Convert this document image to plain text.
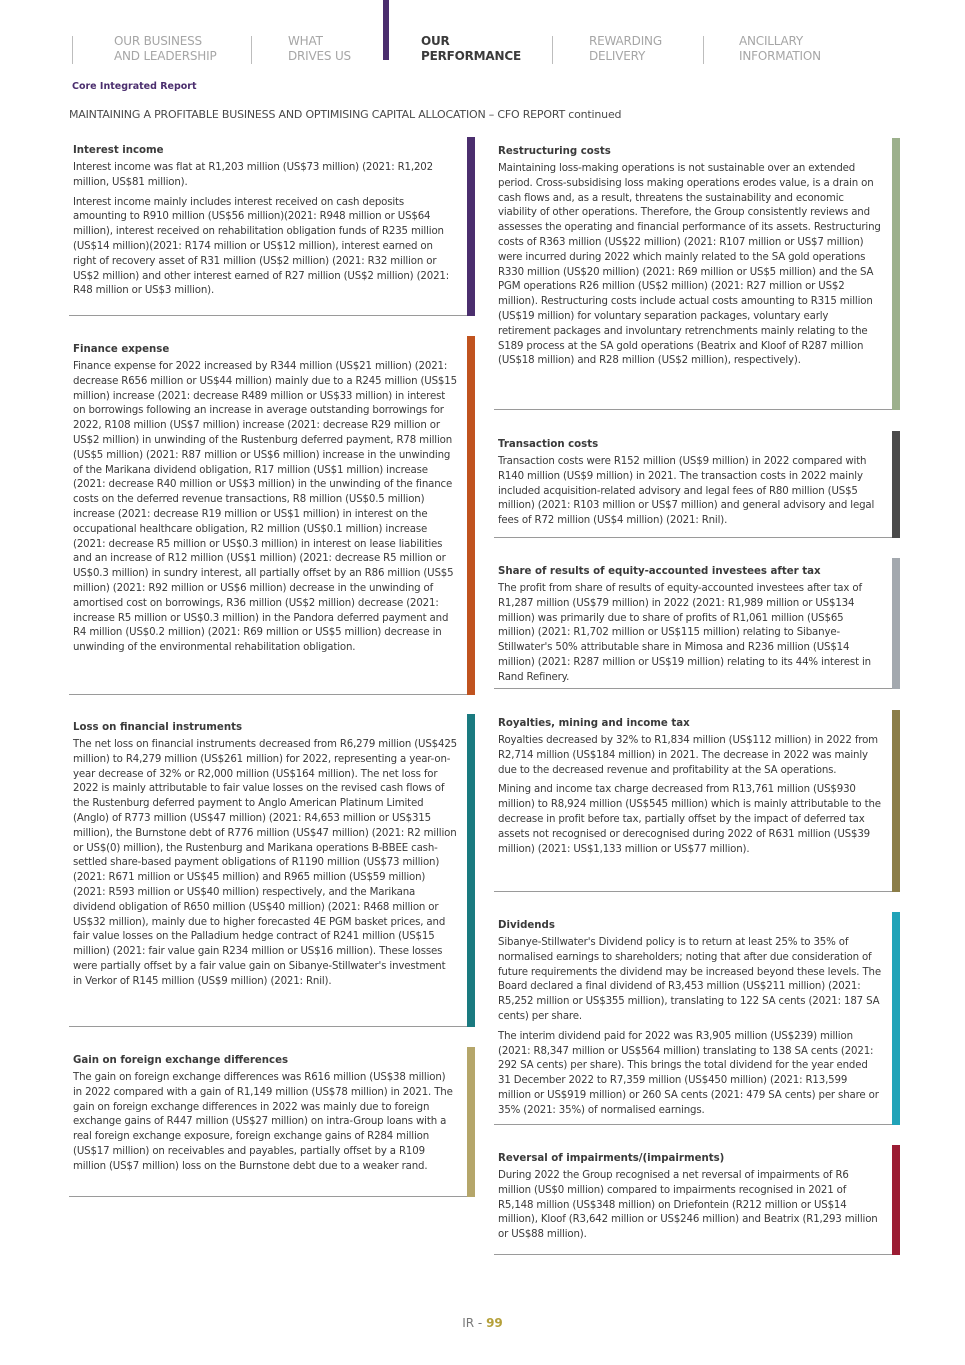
OUR BUSINESS
AND LEADERSHIP
WHAT
DRIVES US
OUR
PERFORMANCE
REWARDING
DELIVERY
ANCILLARY
INFORMATION
Core Integrated Report
MAINTAINING A PROFITABLE BUSINESS AND OPTIMISING CAPITAL ALLOCATION – CFO REPORT continued
Interest income

Interest income was flat at R1,203 million (US$73 million) (2021: R1,202 million, US$81 million).

Interest income mainly includes interest received on cash deposits amounting to R910 million (US$56 million)(2021: R948 million or US$64 million), interest received on rehabilitation obligation funds of R235 million (US$14 million)(2021: R174 million or US$12 million), interest earned on right of recovery asset of R31 million (US$2 million) (2021: R32 million or US$2 million) and other interest earned of R27 million (US$2 million) (2021: R48 million or US$3 million).

Finance expense

Finance expense for 2022 increased by R344 million (US$21 million) (2021: decrease R656 million or US$44 million) mainly due to a R245 million (US$15 million) increase (2021: decrease R489 million or US$33 million) in interest on borrowings following an increase in average outstanding borrowings for 2022, R108 million (US$7 million) increase (2021: decrease R29 million or US$2 million) in unwinding of the Rustenburg deferred payment, R78 million (US$5 million) (2021: R87 million or US$6 million) increase in the unwinding of the Marikana dividend obligation, R17 million (US$1 million) increase (2021: decrease R40 million or US$3 million) in the unwinding of the finance costs on the deferred revenue transactions, R8 million (US$0.5 million) increase (2021: decrease R19 million or US$1 million) in interest on the occupational healthcare obligation, R2 million (US$0.1 million) increase (2021: decrease R5 million or US$0.3 million) in interest on lease liabilities and an increase of R12 million (US$1 million) (2021: decrease R5 million or US$0.3 million) in sundry interest, all partially offset by an R86 million (US$5 million) (2021: R92 million or US$6 million) decrease in the unwinding of amortised cost on borrowings, R36 million (US$2 million) decrease (2021: increase R5 million or US$0.3 million) in the Pandora deferred payment and R4 million (US$0.2 million) (2021: R69 million or US$5 million) decrease in unwinding of the environmental rehabilitation obligation.

Loss on financial instruments

The net loss on financial instruments decreased from R6,279 million (US$425 million) to R4,279 million (US$261 million) for 2022, representing a year-on-year decrease of 32% or R2,000 million (US$164 million). The net loss for 2022 is mainly attributable to fair value losses on the revised cash flows of the Rustenburg deferred payment to Anglo American Platinum Limited (Anglo) of R773 million (US$47 million) (2021: R4,653 million or US$315 million), the Burnstone debt of R776 million (US$47 million) (2021: R2 million or US$(0) million), the Rustenburg and Marikana operations B-BBEE cash-settled share-based payment obligations of R1190 million (US$73 million) (2021: R671 million or US$45 million) and R965 million (US$59 million) (2021: R593 million or US$40 million) respectively, and the Marikana dividend obligation of R650 million (US$40 million) (2021: R468 million or US$32 million), mainly due to higher forecasted 4E PGM basket prices, and fair value losses on the Palladium hedge contract of R241 million (US$15 million) (2021: fair value gain R234 million or US$16 million). These losses were partially offset by a fair value gain on Sibanye-Stillwater's investment in Verkor of R145 million (US$9 million) (2021: Rnil).

Gain on foreign exchange differences

The gain on foreign exchange differences was R616 million (US$38 million) in 2022 compared with a gain of R1,149 million (US$78 million) in 2021. The gain on foreign exchange differences in 2022 was mainly due to foreign exchange gains of R447 million (US$27 million) on intra-Group loans with a real foreign exchange exposure, foreign exchange gains of R284 million (US$17 million) on receivables and payables, partially offset by a R109 million (US$7 million) loss on the Burnstone debt due to a weaker rand.

Restructuring costs

Maintaining loss-making operations is not sustainable over an extended period. Cross-subsidising loss making operations erodes value, is a drain on cash flows and, as a result, threatens the sustainability and economic viability of other operations. Therefore, the Group consistently reviews and assesses the operating and financial performance of its assets. Restructuring costs of R363 million (US$22 million) (2021: R107 million or US$7 million) were incurred during 2022 which mainly related to the SA gold operations R330 million (US$20 million) (2021: R69 million or US$5 million) and the SA PGM operations R26 million (US$2 million) (2021: R27 million or US$2 million). Restructuring costs include actual costs amounting to R315 million (US$19 million) for voluntary separation packages, voluntary early retirement packages and involuntary retrenchments mainly relating to the S189 process at the SA gold operations (Beatrix and Kloof of R287 million (US$18 million) and R28 million (US$2 million), respectively).

Transaction costs

Transaction costs were R152 million (US$9 million) in 2022 compared with R140 million (US$9 million) in 2021. The transaction costs in 2022 mainly included acquisition-related advisory and legal fees of R80 million (US$5 million) (2021: R103 million or US$7 million) and general advisory and legal fees of R72 million (US$4 million) (2021: Rnil).

Share of results of equity-accounted investees after tax

The profit from share of results of equity-accounted investees after tax of R1,287 million (US$79 million) in 2022 (2021: R1,989 million or US$134 million) was primarily due to share of profits of R1,061 million (US$65 million) (2021: R1,702 million or US$115 million) relating to Sibanye-Stillwater's 50% attributable share in Mimosa and R236 million (US$14 million) (2021: R287 million or US$19 million) relating to its 44% interest in Rand Refinery.

Royalties, mining and income tax

Royalties decreased by 32% to R1,834 million (US$112 million) in 2022 from R2,714 million (US$184 million) in 2021. The decrease in 2022 was mainly due to the decreased revenue and profitability at the SA operations.

Mining and income tax charge decreased from R13,761 million (US$930 million) to R8,924 million (US$545 million) which is mainly attributable to the decrease in profit before tax, partially offset by the impact of deferred tax assets not recognised or derecognised during 2022 of R631 million (US$39 million) (2021: US$1,133 million or US$77 million).

Dividends

Sibanye-Stillwater's Dividend policy is to return at least 25% to 35% of normalised earnings to shareholders; noting that after due consideration of future requirements the dividend may be increased beyond these levels. The Board declared a final dividend of R3,453 million (US$211 million) (2021: R5,252 million or US$355 million), translating to 122 SA cents (2021: 187 SA cents) per share.

The interim dividend paid for 2022 was R3,905 million (US$239) million (2021: R8,347 million or US$564 million) translating to 138 SA cents (2021: 292 SA cents) per share). This brings the total dividend for the year ended 31 December 2022 to R7,359 million (US$450 million) (2021: R13,599 million or US$919 million) or 260 SA cents (2021: 479 SA cents) per share or 35% (2021: 35%) of normalised earnings.

Reversal of impairments/(impairments)

During 2022 the Group recognised a net reversal of impairments of R6 million (US$0 million) compared to impairments recognised in 2021 of R5,148 million (US$348 million) on Driefontein (R212 million or US$14 million), Kloof (R3,642 million or US$246 million) and Beatrix (R1,293 million or US$88 million).

IR - 99
